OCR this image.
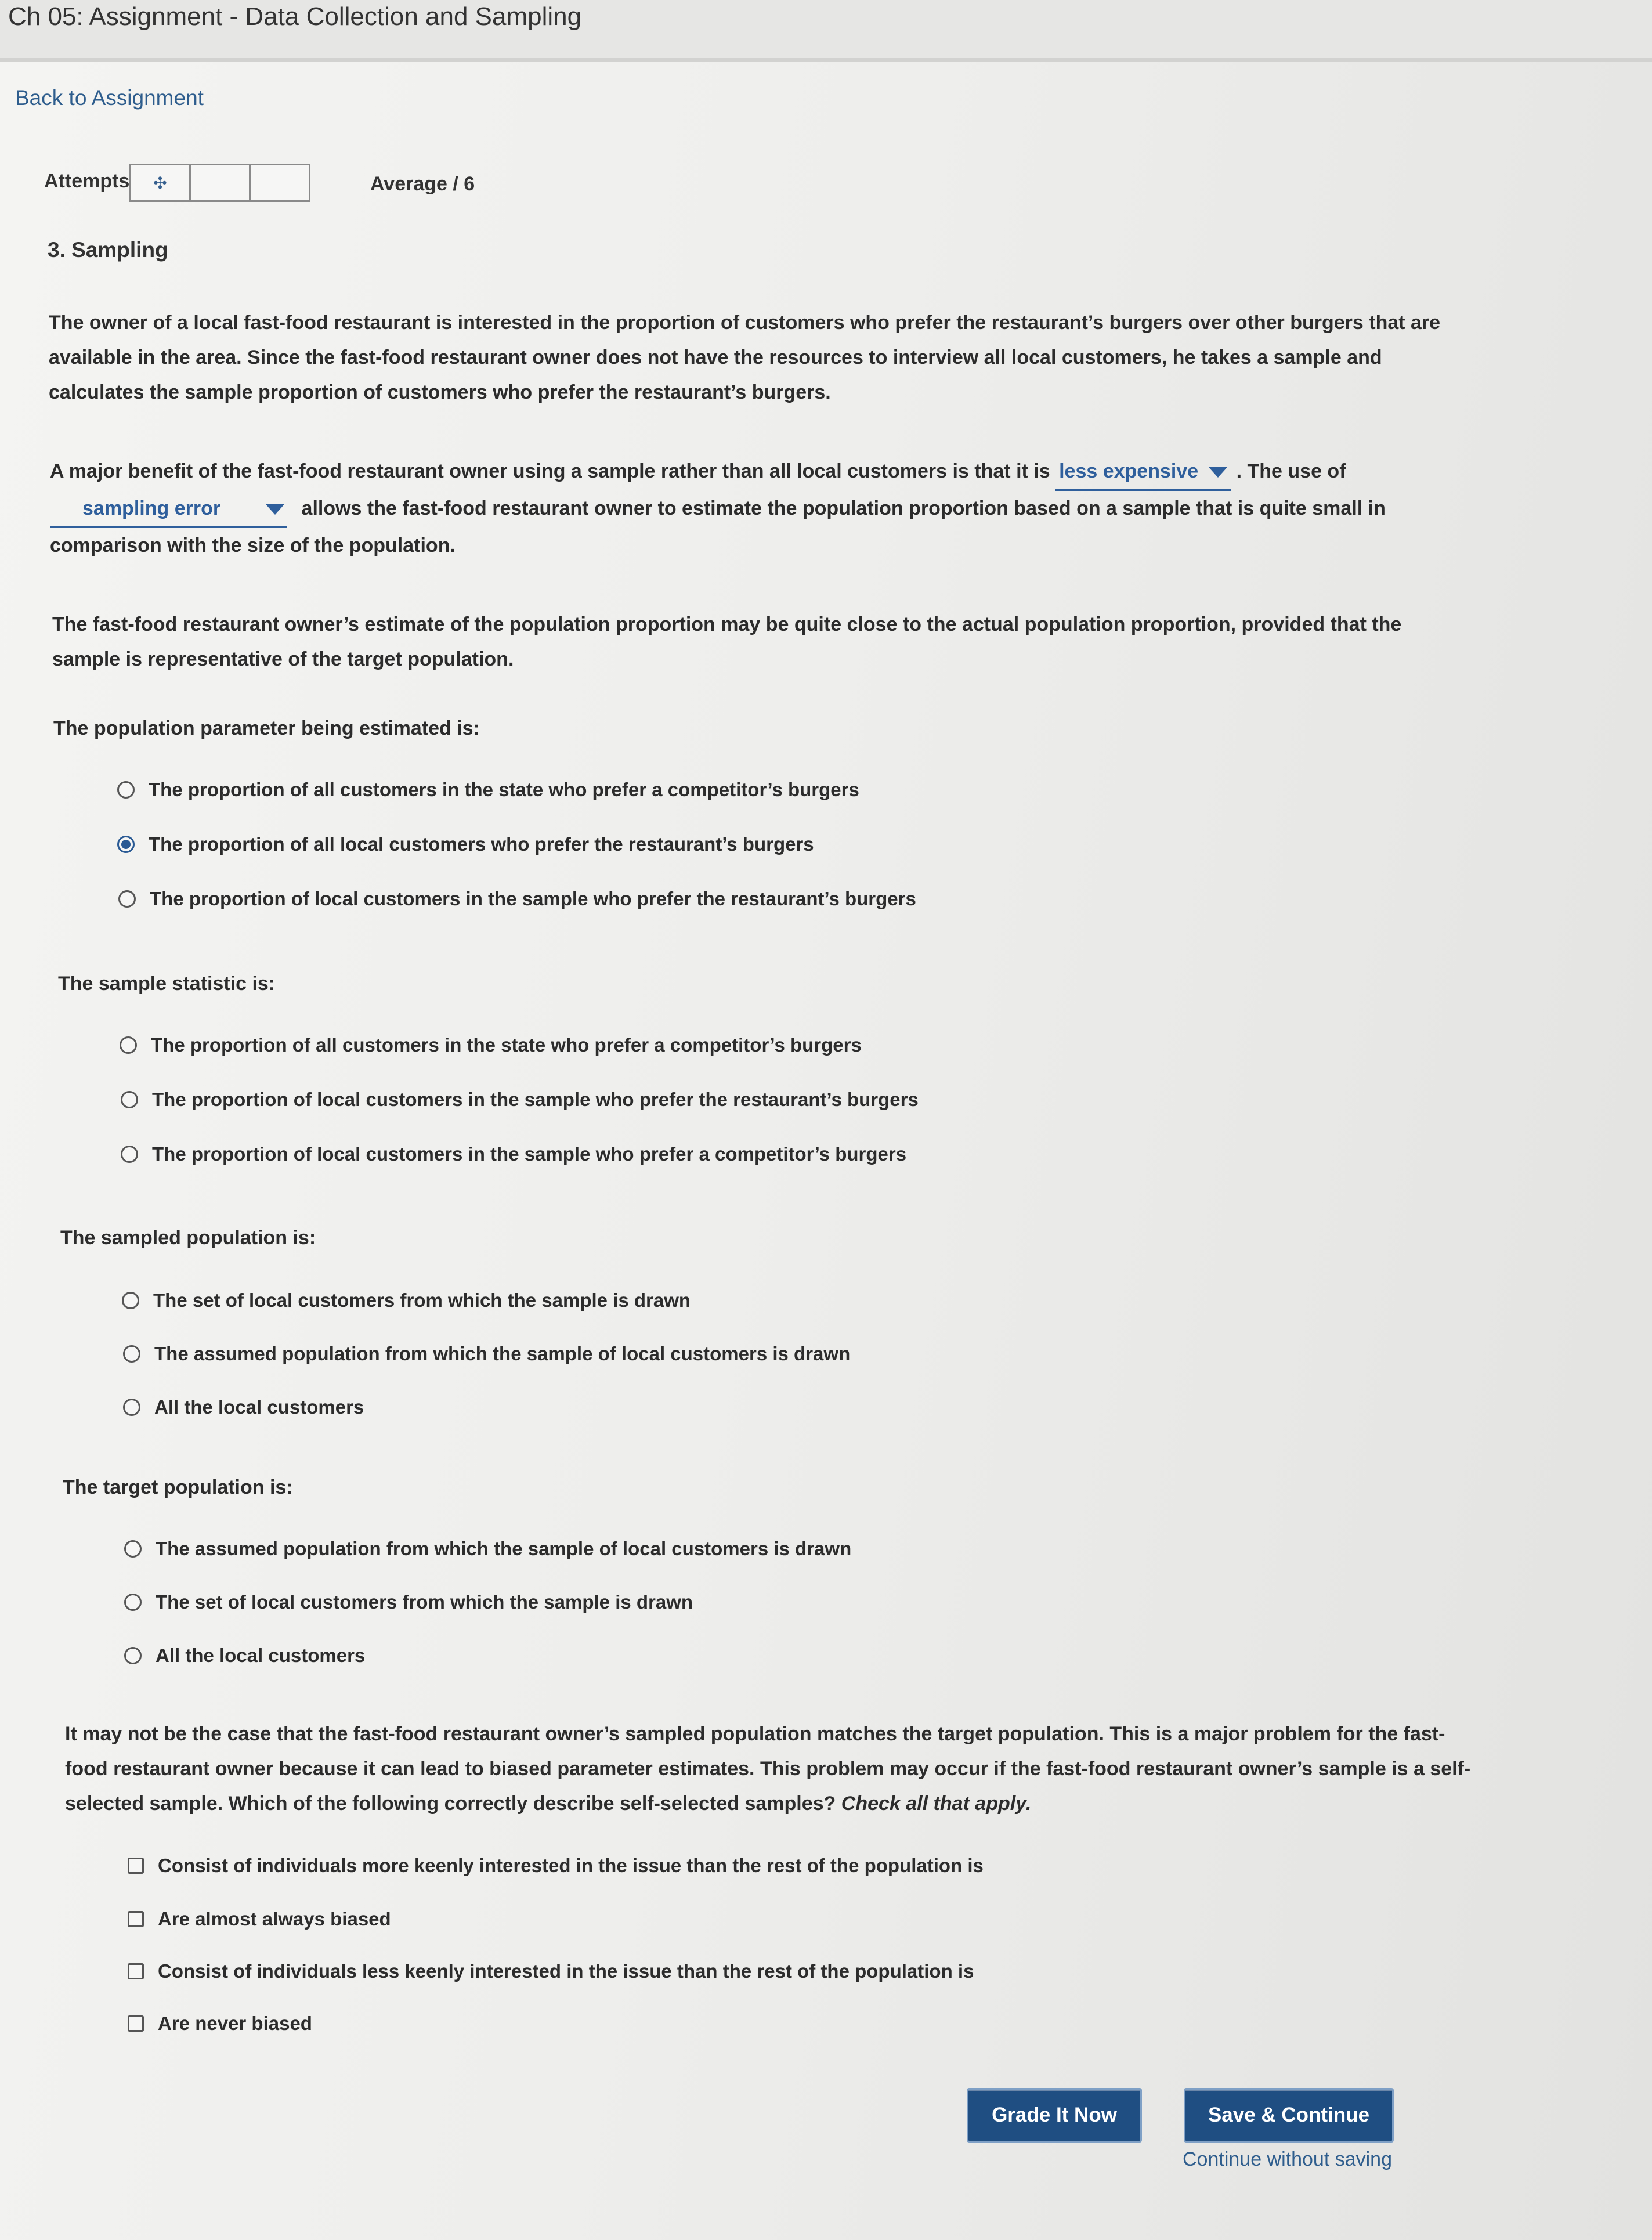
Ch 05: Assignment - Data Collection and Sampling
Back to Assignment
Attempts ✣	Average / 6
3. Sampling
The owner of a local fast-food restaurant is interested in the proportion of customers who prefer the restaurant’s burgers over other burgers that are
available in the area. Since the fast-food restaurant owner does not have the resources to interview all local customers, he takes a sample and
calculates the sample proportion of customers who prefer the restaurant’s burgers.
A major benefit of the fast-food restaurant owner using a sample rather than all local customers is that it is less expensive . The use of
sampling error	allows the fast-food restaurant owner to estimate the population proportion based on a sample that is quite small in
comparison with the size of the population.
The fast-food restaurant owner’s estimate of the population proportion may be quite close to the actual population proportion, provided that the
sample is representative of the target population.
The population parameter being estimated is:
The proportion of all customers in the state who prefer a competitor’s burgers
The proportion of all local customers who prefer the restaurant’s burgers
The proportion of local customers in the sample who prefer the restaurant’s burgers
The sample statistic is:
The proportion of all customers in the state who prefer a competitor’s burgers
The proportion of local customers in the sample who prefer the restaurant’s burgers
The proportion of local customers in the sample who prefer a competitor’s burgers
The sampled population is:
The set of local customers from which the sample is drawn
The assumed population from which the sample of local customers is drawn
All the local customers
The target population is:
The assumed population from which the sample of local customers is drawn
The set of local customers from which the sample is drawn
All the local customers
It may not be the case that the fast-food restaurant owner’s sampled population matches the target population. This is a major problem for the fast-
food restaurant owner because it can lead to biased parameter estimates. This problem may occur if the fast-food restaurant owner’s sample is a self-
selected sample. Which of the following correctly describe self-selected samples? Check all that apply.
Consist of individuals more keenly interested in the issue than the rest of the population is
Are almost always biased
Consist of individuals less keenly interested in the issue than the rest of the population is
Are never biased
Grade It Now	Save & Continue
Continue without saving
